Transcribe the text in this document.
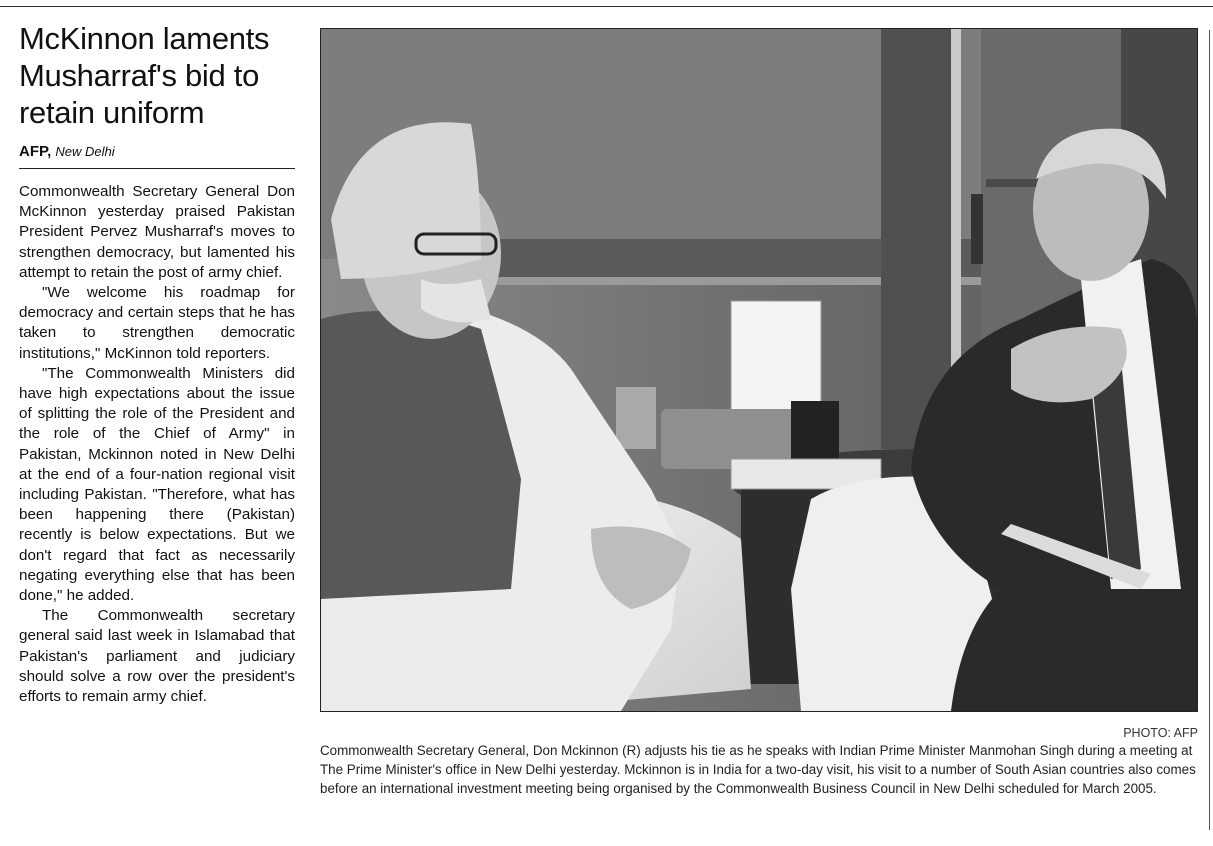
McKinnon laments Musharraf's bid to retain uniform
AFP, New Delhi

Commonwealth Secretary General Don McKinnon yesterday praised Pakistan President Pervez Musharraf's moves to strengthen democracy, but lamented his attempt to retain the post of army chief.

"We welcome his roadmap for democracy and certain steps that he has taken to strengthen democratic institutions," McKinnon told reporters.

"The Commonwealth Ministers did have high expectations about the issue of splitting the role of the President and the role of the Chief of Army" in Pakistan, Mckinnon noted in New Delhi at the end of a four-nation regional visit including Pakistan. "Therefore, what has been happening there (Pakistan) recently is below expectations. But we don't regard that fact as necessarily negating everything else that has been done," he added.

The Commonwealth secretary general said last week in Islamabad that Pakistan's parliament and judiciary should solve a row over the president's efforts to remain army chief.

PHOTO: AFP
Commonwealth Secretary General, Don Mckinnon (R) adjusts his tie as he speaks with Indian Prime Minister Manmohan Singh during a meeting at The Prime Minister's office in New Delhi yesterday. Mckinnon is in India for a two-day visit, his visit to a number of South Asian countries also comes before an international investment meeting being organised by the Commonwealth Business Council in New Delhi scheduled for March 2005.
